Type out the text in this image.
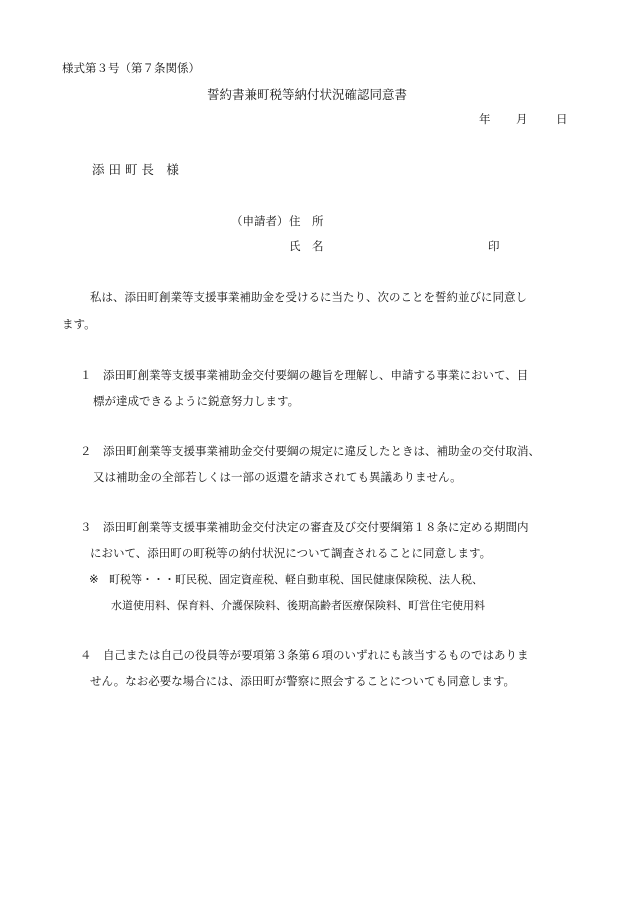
様式第３号（第７条関係）
誓約書兼町税等納付状況確認同意書
年 月 日
添 田 町 長　様
（申請者） 住　所
氏　名	印
私は、添田町創業等支援事業補助金を受けるに当たり、次のことを誓約並びに同意し
ます。
１ 添田町創業等支援事業補助金交付要綱の趣旨を理解し、申請する事業において、目
標が達成できるように鋭意努力します。
２ 添田町創業等支援事業補助金交付要綱の規定に違反したときは、補助金の交付取消、
又は補助金の全部若しくは一部の返還を請求されても異議ありません。
３ 添田町創業等支援事業補助金交付決定の審査及び交付要綱第１８条に定める期間内
において、添田町の町税等の納付状況について調査されることに同意します。
※ 町税等・・・町民税、固定資産税、軽自動車税、国民健康保険税、法人税、
水道使用料、保育料、介護保険料、後期高齢者医療保険料、町営住宅使用料
４ 自己または自己の役員等が要項第３条第６項のいずれにも該当するものではありま
せん。なお必要な場合には、添田町が警察に照会することについても同意します。
